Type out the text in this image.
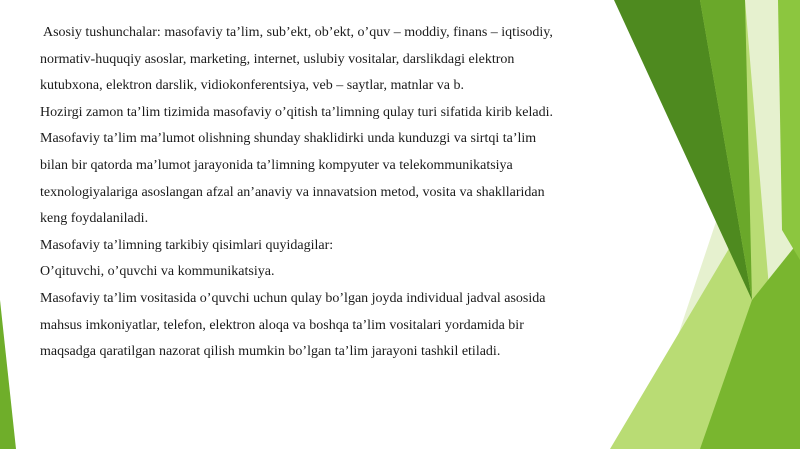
Asosiy tushunchalar: masofaviy ta’lim, sub’ekt, ob’ekt, o’quv – moddiy, finans – iqtisodiy,
normativ-huquqiy asoslar, marketing, internet, uslubiy vositalar, darslikdagi elektron
kutubxona, elektron darslik, vidiokonferentsiya, veb – saytlar, matnlar va b.
Hozirgi zamon ta’lim tizimida masofaviy o’qitish ta’limning qulay turi sifatida kirib keladi.
Masofaviy ta’lim ma’lumot olishning shunday shaklidirki unda kunduzgi va sirtqi ta’lim
bilan bir qatorda ma’lumot jarayonida ta’limning kompyuter va telekommunikatsiya
texnologiyalariga asoslangan afzal an’anaviy va innavatsion metod, vosita va shakllaridan
keng foydalaniladi.
Masofaviy ta’limning tarkibiy qisimlari quyidagilar:
O’qituvchi, o’quvchi va kommunikatsiya.
Masofaviy ta’lim vositasida o’quvchi uchun qulay bo’lgan joyda individual jadval asosida
mahsus imkoniyatlar, telefon, elektron aloqa va boshqa ta’lim vositalari yordamida bir
maqsadga qaratilgan nazorat qilish mumkin bo’lgan ta’lim jarayoni tashkil etiladi.
